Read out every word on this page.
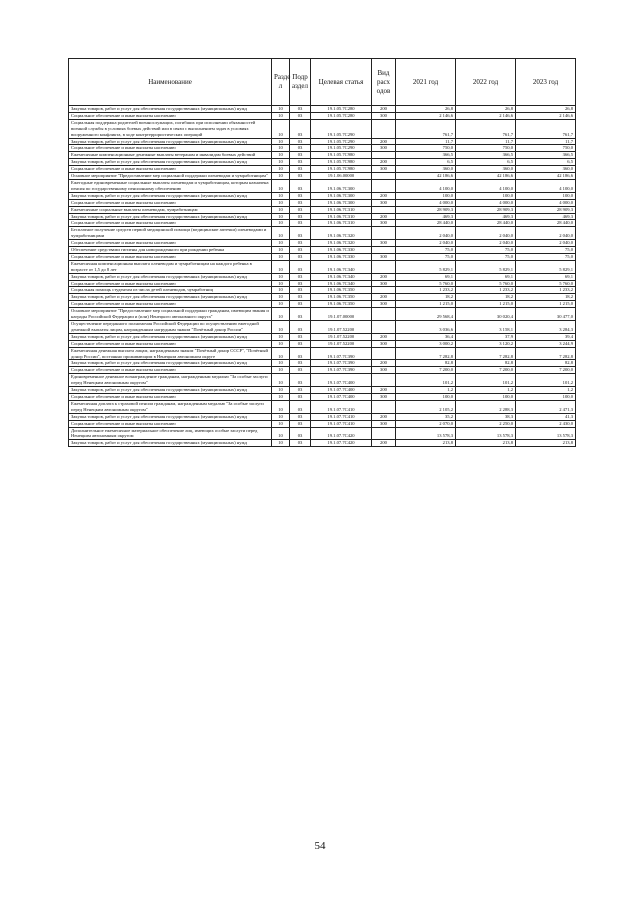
Наименование	Разде л	Подр аздел	Целевая статья	Вид расх одов	2021 год	2022 год	2023 год
Закупка товаров, работ и услуг для обеспечения государственных (муниципальных) нужд	10	03	19.1.05.7С280	200	26,8	26,8	26,8
Социальное обеспечение и иные выплаты населению	10	03	19.1.05.7С280	300	2 146,6	2 146,6	2 146,6
Социальная поддержка родителей военнослужащих, погибших при исполнении обязанностей военной службы в условиях боевых действий или в связи с выполнением задач в условиях вооруженного конфликта, в ходе контртеррористических операций	10	03	19.1.05.7С290		761,7	761,7	761,7
Закупка товаров, работ и услуг для обеспечения государственных (муниципальных) нужд	10	03	19.1.05.7С290	200	11,7	11,7	11,7
Социальное обеспечение и иные выплаты населению	10	03	19.1.05.7С290	300	750,0	750,0	750,0
Ежемесячные компенсационные денежные выплаты ветеранам и инвалидам боевых действий	10	03	19.1.05.7С980		366,5	366,5	366,5
Закупка товаров, работ и услуг для обеспечения государственных (муниципальных) нужд	10	03	19.1.05.7С980	200	6,5	6,5	6,5
Социальное обеспечение и иные выплаты населению	10	03	19.1.05.7С980	300	360,0	360,0	360,0
Основное мероприятие "Предоставление мер социальной поддержки оленеводам и чумработницам"	10	03	19.1.06.00000		42 186,6	42 186,6	42 186,6
Ежегодные единовременные социальные выплаты оленеводам и чумработницам, которым назначена пенсия по государственному пенсионному обеспечению	10	03	19.1.06.7С300		4 100,0	4 100,0	4 100,0
Закупка товаров, работ и услуг для обеспечения государственных (муниципальных) нужд	10	03	19.1.06.7С300	200	100,0	100,0	100,0
Социальное обеспечение и иные выплаты населению	10	03	19.1.06.7С300	300	4 000,0	4 000,0	4 000,0
Ежемесячные социальные выплаты оленеводам, чумработницам	10	03	19.1.06.7С310		28 909,3	28 909,3	28 909,3
Закупка товаров, работ и услуг для обеспечения государственных (муниципальных) нужд	10	03	19.1.06.7С310	200	469,3	469,3	469,3
Социальное обеспечение и иные выплаты населению	10	03	19.1.06.7С310	300	28 440,0	28 440,0	28 440,0
Бесплатное получение средств первой медицинской помощи (медицинские аптечки) оленеводами и чумработницами	10	03	19.1.06.7С320		2 040,0	2 040,0	2 040,0
Социальное обеспечение и иные выплаты населению	10	03	19.1.06.7С320	300	2 040,0	2 040,0	2 040,0
Обеспечение средствами гигиены для новорожденного при рождении ребенка	10	03	19.1.06.7С330		75,0	75,0	75,0
Социальное обеспечение и иные выплаты населению	10	03	19.1.06.7С330	300	75,0	75,0	75,0
Ежемесячная компенсационная выплата оленеводам и чумработницам на каждого ребенка в возрасте от 1,5 до 8 лет	10	03	19.1.06.7С340		5 829,1	5 829,1	5 829,1
Закупка товаров, работ и услуг для обеспечения государственных (муниципальных) нужд	10	03	19.1.06.7С340	200	69,1	69,1	69,1
Социальное обеспечение и иные выплаты населению	10	03	19.1.06.7С340	300	5 760,0	5 760,0	5 760,0
Социальная помощь студентам из числа детей оленеводов, чумработниц	10	03	19.1.06.7С350		1 233,2	1 233,2	1 233,2
Закупка товаров, работ и услуг для обеспечения государственных (муниципальных) нужд	10	03	19.1.06.7С350	200	18,2	18,2	18,2
Социальное обеспечение и иные выплаты населению	10	03	19.1.06.7С350	300	1 215,0	1 215,0	1 215,0
Основное мероприятие "Предоставление мер социальной поддержки гражданам, имеющим звания и награды Российской Федерации и (или) Ненецкого автономного округа"	10	03	19.1.07.00000		29 568,4	30 020,4	30 477,0
Осуществление переданного полномочия Российской Федерации по осуществлению ежегодной денежной выплаты лицам, награжденным нагрудным знаком "Почётный донор России"	10	03	19.1.07.52200		3 036,6	3 158,1	3 284,3
Закупка товаров, работ и услуг для обеспечения государственных (муниципальных) нужд	10	03	19.1.07.52200	200	36,4	37,9	39,4
Социальное обеспечение и иные выплаты населению	10	03	19.1.07.52200	300	3 000,2	3 120,2	3 244,9
Ежемесячная денежная выплата лицам, награжденным знаком "Почётный донор СССР", "Почётный донор России", постоянно проживающим в Ненецком автономном округе	10	03	19.1.07.7С390		7 282,8	7 282,8	7 282,8
Закупка товаров, работ и услуг для обеспечения государственных (муниципальных) нужд	10	03	19.1.07.7С390	200	82,8	82,8	82,8
Социальное обеспечение и иные выплаты населению	10	03	19.1.07.7С390	300	7 200,0	7 200,0	7 200,0
Единовременное денежное вознаграждение гражданам, награжденным медалью "За особые заслуги перед Ненецким автономным округом"	10	03	19.1.07.7С400		101,2	101,2	101,2
Закупка товаров, работ и услуг для обеспечения государственных (муниципальных) нужд	10	03	19.1.07.7С400	200	1,2	1,2	1,2
Социальное обеспечение и иные выплаты населению	10	03	19.1.07.7С400	300	100,0	100,0	100,0
Ежемесячная доплата к страховой пенсии гражданам, награжденным медалью "За особые заслуги перед Ненецким автономным округом"	10	03	19.1.07.7С410		2 105,2	2 288,3	2 471,3
Закупка товаров, работ и услуг для обеспечения государственных (муниципальных) нужд	10	03	19.1.07.7С410	200	35,2	38,3	41,3
Социальное обеспечение и иные выплаты населению	10	03	19.1.07.7С410	300	2 070,0	2 250,0	2 430,0
Дополнительное ежемесячное материальное обеспечение лиц, имеющих особые заслуги перед Ненецким автономным округом	10	03	19.1.07.7С420		13 578,3	13 578,3	13 578,3
Закупка товаров, работ и услуг для обеспечения государственных (муниципальных) нужд	10	03	19.1.07.7С420	200	213,8	213,8	213,8
54
